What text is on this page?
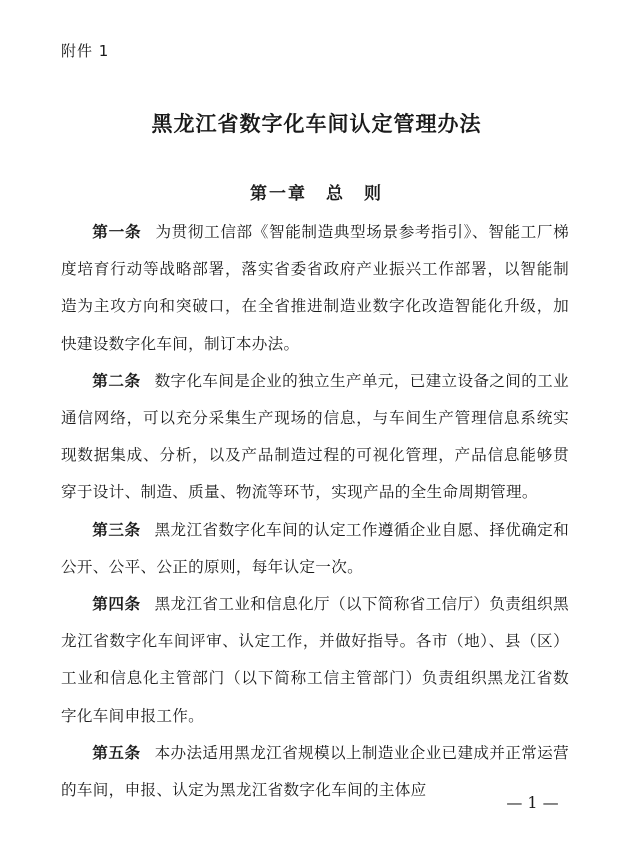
附件 1
黑龙江省数字化车间认定管理办法
第一章　总　则

第一条 为贯彻工信部《智能制造典型场景参考指引》、智能工厂梯度培育行动等战略部署，落实省委省政府产业振兴工作部署，以智能制造为主攻方向和突破口，在全省推进制造业数字化改造智能化升级，加快建设数字化车间，制订本办法。

第二条 数字化车间是企业的独立生产单元，已建立设备之间的工业通信网络，可以充分采集生产现场的信息，与车间生产管理信息系统实现数据集成、分析，以及产品制造过程的可视化管理，产品信息能够贯穿于设计、制造、质量、物流等环节，实现产品的全生命周期管理。

第三条 黑龙江省数字化车间的认定工作遵循企业自愿、择优确定和公开、公平、公正的原则，每年认定一次。

第四条 黑龙江省工业和信息化厅（以下简称省工信厅）负责组织黑龙江省数字化车间评审、认定工作，并做好指导。各市（地）、县（区）工业和信息化主管部门（以下简称工信主管部门）负责组织黑龙江省数字化车间申报工作。

第五条 本办法适用黑龙江省规模以上制造业企业已建成并正常运营的车间，申报、认定为黑龙江省数字化车间的主体应

— 1 —
